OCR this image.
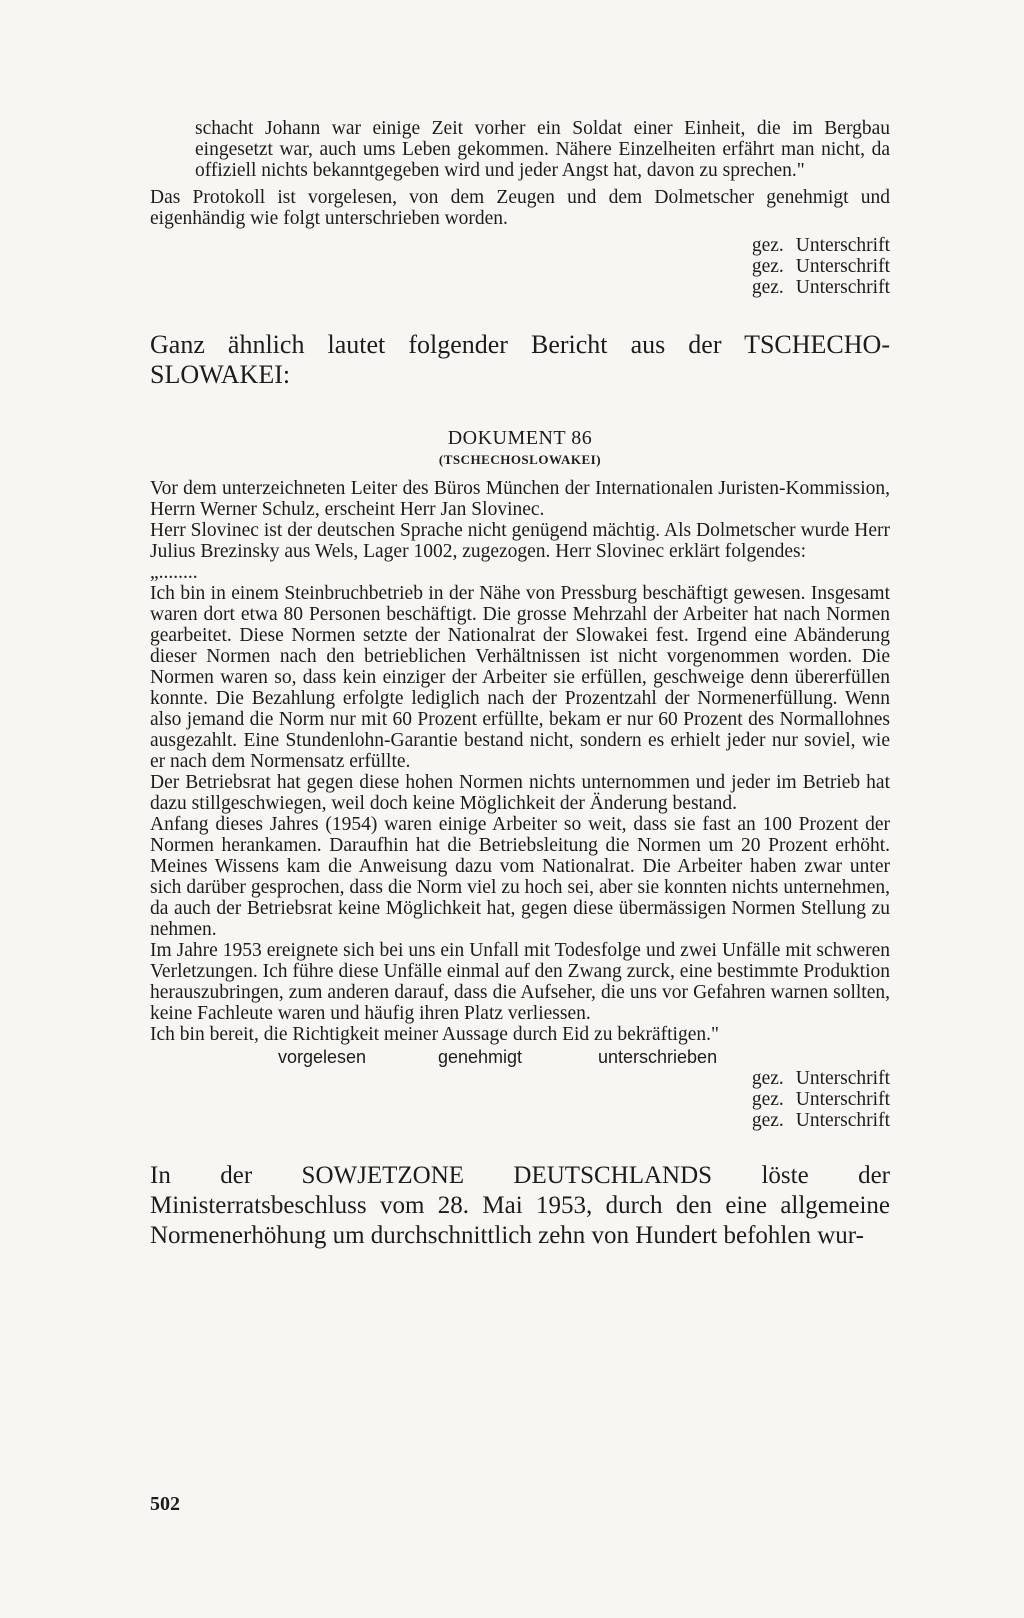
schacht Johann war einige Zeit vorher ein Soldat einer Einheit, die im Bergbau eingesetzt war, auch ums Leben gekommen. Nähere Einzelheiten erfährt man nicht, da offiziell nichts bekanntgegeben wird und jeder Angst hat, davon zu sprechen."

Das Protokoll ist vorgelesen, von dem Zeugen und dem Dolmetscher genehmigt und eigenhändig wie folgt unterschrieben worden.

gez. Unterschrift

gez. Unterschrift

gez. Unterschrift

Ganz ähnlich lautet folgender Bericht aus der TSCHECHO-SLOWAKEI:

DOKUMENT 86

(TSCHECHOSLOWAKEI)

Vor dem unterzeichneten Leiter des Büros München der Internationalen Juristen-Kommission, Herrn Werner Schulz, erscheint Herr Jan Slovinec.

Herr Slovinec ist der deutschen Sprache nicht genügend mächtig. Als Dolmetscher wurde Herr Julius Brezinsky aus Wels, Lager 1002, zugezogen. Herr Slovinec erklärt folgendes:

„........

Ich bin in einem Steinbruchbetrieb in der Nähe von Pressburg beschäftigt gewesen. Insgesamt waren dort etwa 80 Personen beschäftigt. Die grosse Mehrzahl der Arbeiter hat nach Normen gearbeitet. Diese Normen setzte der Nationalrat der Slowakei fest. Irgend eine Abänderung dieser Normen nach den betrieblichen Verhältnissen ist nicht vorgenommen worden. Die Normen waren so, dass kein einziger der Arbeiter sie erfüllen, geschweige denn übererfüllen konnte. Die Bezahlung erfolgte lediglich nach der Prozentzahl der Normenerfüllung. Wenn also jemand die Norm nur mit 60 Prozent erfüllte, bekam er nur 60 Prozent des Normallohnes ausgezahlt. Eine Stundenlohn-Garantie bestand nicht, sondern es erhielt jeder nur soviel, wie er nach dem Normensatz erfüllte.

Der Betriebsrat hat gegen diese hohen Normen nichts unternommen und jeder im Betrieb hat dazu stillgeschwiegen, weil doch keine Möglichkeit der Änderung bestand.

Anfang dieses Jahres (1954) waren einige Arbeiter so weit, dass sie fast an 100 Prozent der Normen herankamen. Daraufhin hat die Betriebsleitung die Normen um 20 Prozent erhöht. Meines Wissens kam die Anweisung dazu vom Nationalrat. Die Arbeiter haben zwar unter sich darüber gesprochen, dass die Norm viel zu hoch sei, aber sie konnten nichts unternehmen, da auch der Betriebsrat keine Möglichkeit hat, gegen diese übermässigen Normen Stellung zu nehmen.

Im Jahre 1953 ereignete sich bei uns ein Unfall mit Todesfolge und zwei Unfälle mit schweren Verletzungen. Ich führe diese Unfälle einmal auf den Zwang zurck, eine bestimmte Produktion herauszubringen, zum anderen darauf, dass die Aufseher, die uns vor Gefahren warnen sollten, keine Fachleute waren und häufig ihren Platz verliessen.

Ich bin bereit, die Richtigkeit meiner Aussage durch Eid zu bekräftigen."

vorgelesen	genehmigt	unterschrieben

gez. Unterschrift

gez. Unterschrift

gez. Unterschrift

In der SOWJETZONE DEUTSCHLANDS löste der Ministerratsbeschluss vom 28. Mai 1953, durch den eine allgemeine Normenerhöhung um durchschnittlich zehn von Hundert befohlen wur-

502
